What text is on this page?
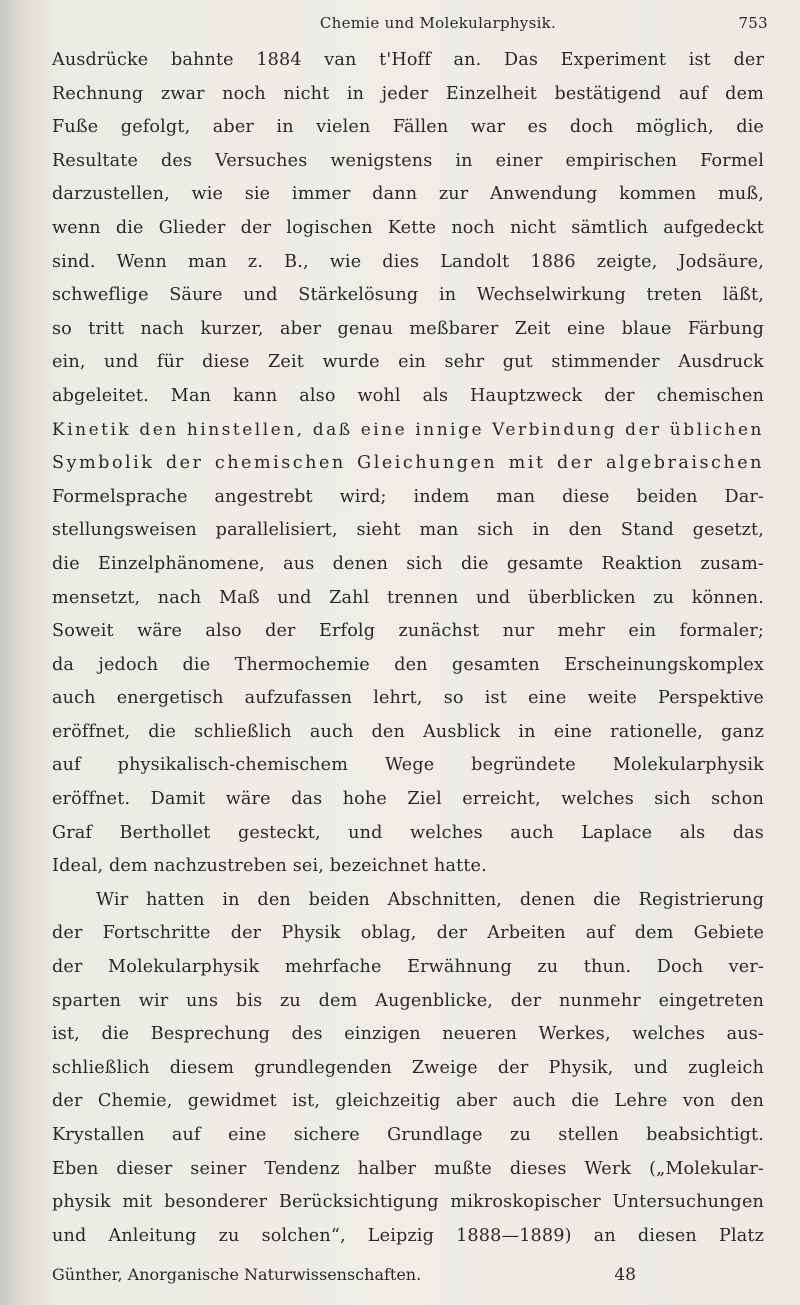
Chemie und Molekularphysik.	753
Ausdrücke bahnte 1884 van t'Hoff an. Das Experiment ist der
Rechnung zwar noch nicht in jeder Einzelheit bestätigend auf dem
Fuße gefolgt, aber in vielen Fällen war es doch möglich, die
Resultate des Versuches wenigstens in einer empirischen Formel
darzustellen, wie sie immer dann zur Anwendung kommen muß,
wenn die Glieder der logischen Kette noch nicht sämtlich aufgedeckt
sind. Wenn man z. B., wie dies Landolt 1886 zeigte, Jodsäure,
schweflige Säure und Stärkelösung in Wechselwirkung treten läßt,
so tritt nach kurzer, aber genau meßbarer Zeit eine blaue Färbung
ein, und für diese Zeit wurde ein sehr gut stimmender Ausdruck
abgeleitet. Man kann also wohl als Hauptzweck der chemischen
Kinetik den hinstellen, daß eine innige Verbindung der üblichen
Symbolik der chemischen Gleichungen mit der algebraischen
Formelsprache angestrebt wird; indem man diese beiden Dar-
stellungsweisen parallelisiert, sieht man sich in den Stand gesetzt,
die Einzelphänomene, aus denen sich die gesamte Reaktion zusam-
mensetzt, nach Maß und Zahl trennen und überblicken zu können.
Soweit wäre also der Erfolg zunächst nur mehr ein formaler;
da jedoch die Thermochemie den gesamten Erscheinungskomplex
auch energetisch aufzufassen lehrt, so ist eine weite Perspektive
eröffnet, die schließlich auch den Ausblick in eine rationelle, ganz
auf physikalisch-chemischem Wege begründete Molekularphysik
eröffnet. Damit wäre das hohe Ziel erreicht, welches sich schon
Graf Berthollet gesteckt, und welches auch Laplace als das
Ideal, dem nachzustreben sei, bezeichnet hatte.
Wir hatten in den beiden Abschnitten, denen die Registrierung
der Fortschritte der Physik oblag, der Arbeiten auf dem Gebiete
der Molekularphysik mehrfache Erwähnung zu thun. Doch ver-
sparten wir uns bis zu dem Augenblicke, der nunmehr eingetreten
ist, die Besprechung des einzigen neueren Werkes, welches aus-
schließlich diesem grundlegenden Zweige der Physik, und zugleich
der Chemie, gewidmet ist, gleichzeitig aber auch die Lehre von den
Krystallen auf eine sichere Grundlage zu stellen beabsichtigt.
Eben dieser seiner Tendenz halber mußte dieses Werk („Molekular-
physik mit besonderer Berücksichtigung mikroskopischer Untersuchungen
und Anleitung zu solchen“, Leipzig 1888—1889) an diesen Platz
Günther, Anorganische Naturwissenschaften.	48
